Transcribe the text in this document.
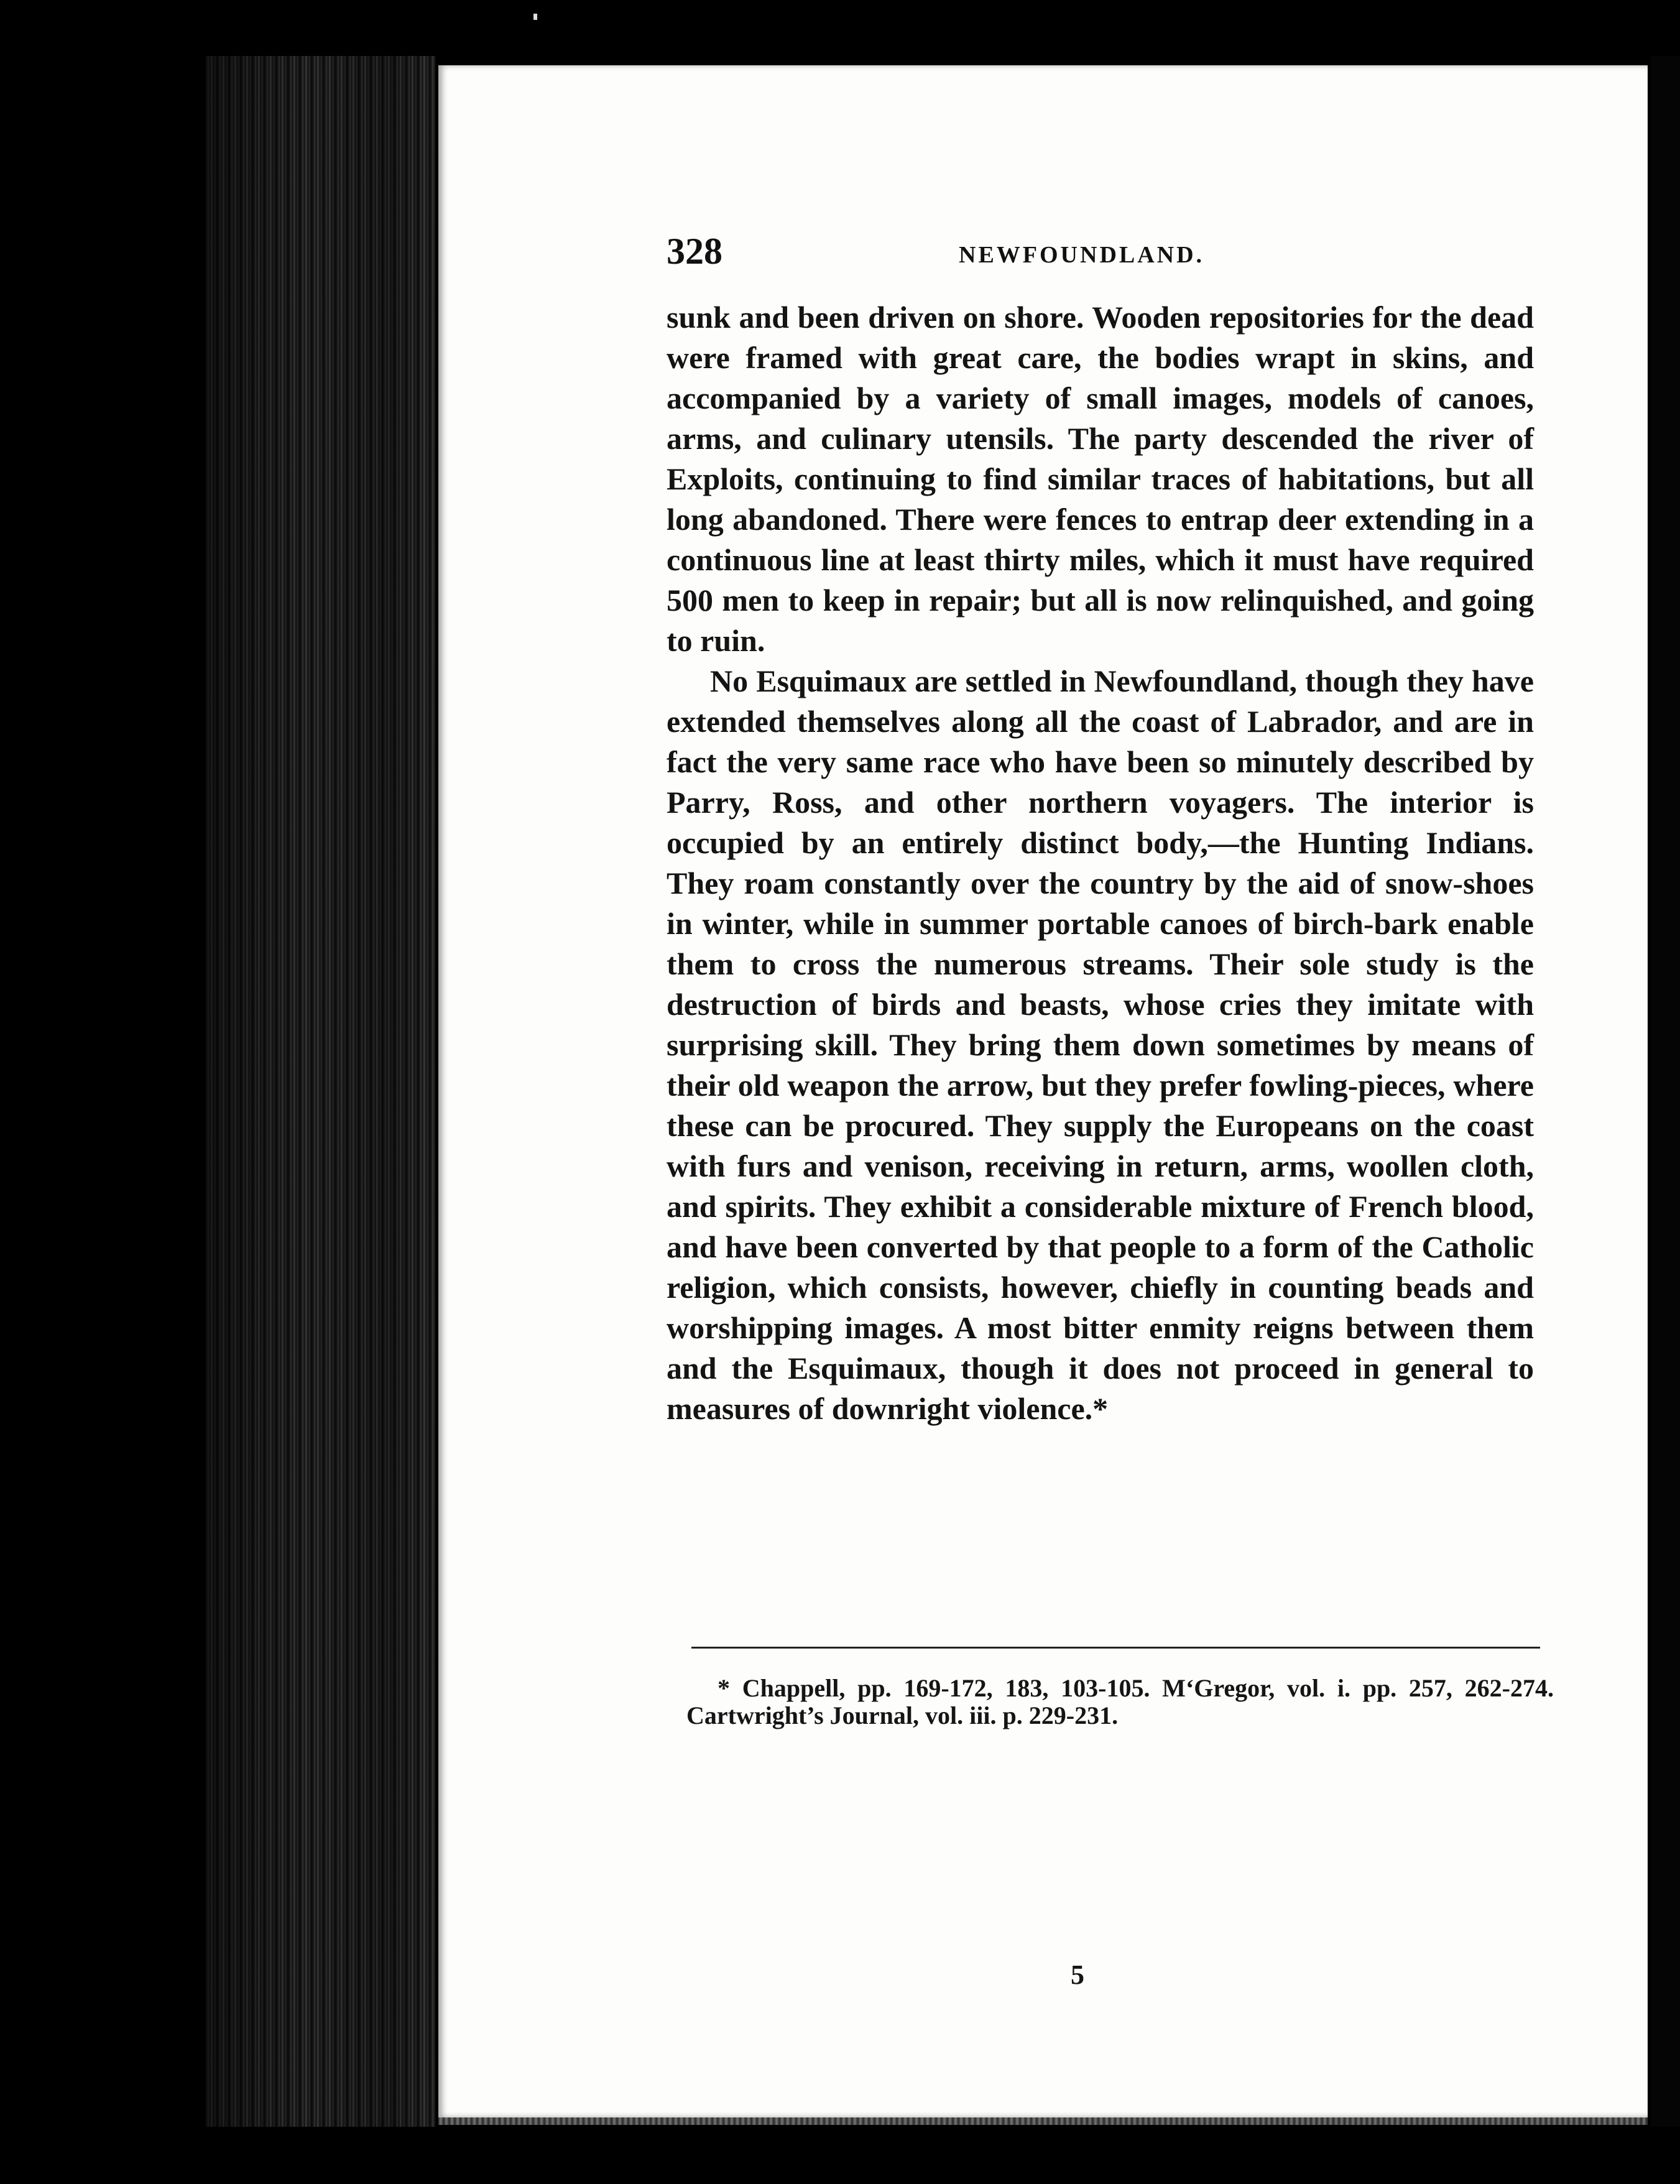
328	NEWFOUNDLAND.

sunk and been driven on shore. Wooden repositories for the dead were framed with great care, the bodies wrapt in skins, and accompanied by a variety of small images, models of canoes, arms, and culinary utensils. The party descended the river of Exploits, continuing to find similar traces of habitations, but all long abandoned. There were fences to entrap deer extending in a continuous line at least thirty miles, which it must have required 500 men to keep in repair; but all is now relinquished, and going to ruin.

No Esquimaux are settled in Newfoundland, though they have extended themselves along all the coast of Labrador, and are in fact the very same race who have been so minutely described by Parry, Ross, and other northern voyagers. The interior is occupied by an entirely distinct body,—the Hunting Indians. They roam constantly over the country by the aid of snow-shoes in winter, while in summer portable canoes of birch-bark enable them to cross the numerous streams. Their sole study is the destruction of birds and beasts, whose cries they imitate with surprising skill. They bring them down sometimes by means of their old weapon the arrow, but they prefer fowling-pieces, where these can be procured. They supply the Europeans on the coast with furs and venison, receiving in return, arms, woollen cloth, and spirits. They exhibit a considerable mixture of French blood, and have been converted by that people to a form of the Catholic religion, which consists, however, chiefly in counting beads and worshipping images. A most bitter enmity reigns between them and the Esquimaux, though it does not proceed in general to measures of downright violence.*

* Chappell, pp. 169-172, 183, 103-105. M‘Gregor, vol. i. pp. 257, 262-274. Cartwright’s Journal, vol. iii. p. 229-231.
5
